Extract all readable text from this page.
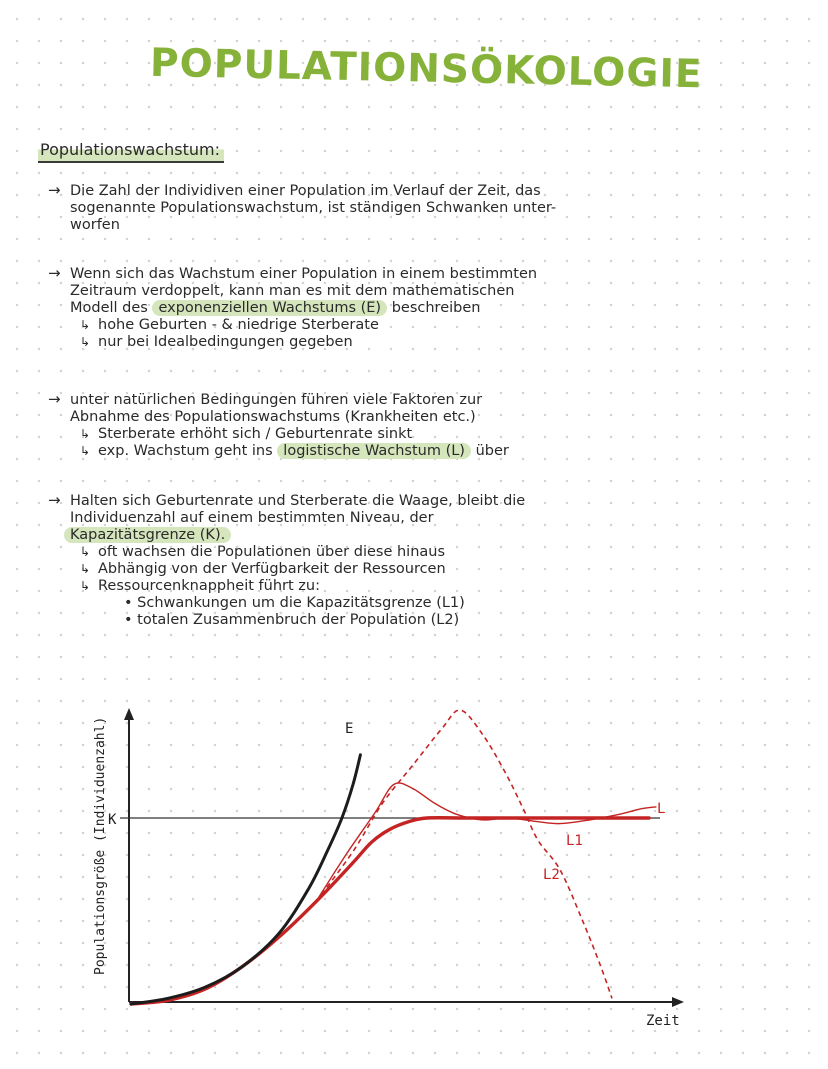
POPULATIONSÖKOLOGIE
Populationswachstum:
→ Die Zahl der Individiven einer Population im Verlauf der Zeit, das
sogenannte Populationswachstum, ist ständigen Schwanken unter-
worfen
→ Wenn sich das Wachstum einer Population in einem bestimmten
Zeitraum verdoppelt, kann man es mit dem mathematischen
Modell des exponenziellen Wachstums (E) beschreiben
↳ hohe Geburten - & niedrige Sterberate
↳ nur bei Idealbedingungen gegeben
→ unter natürlichen Bedingungen führen viele Faktoren zur
Abnahme des Populationswachstums (Krankheiten etc.)
↳ Sterberate erhöht sich / Geburtenrate sinkt
↳ exp. Wachstum geht ins logistische Wachstum (L) über
→ Halten sich Geburtenrate und Sterberate die Waage, bleibt die
Individuenzahl auf einem bestimmten Niveau, der
Kapazitätsgrenze (K).
↳ oft wachsen die Populationen über diese hinaus
↳ Abhängig von der Verfügbarkeit der Ressourcen
↳ Ressourcenknappheit führt zu:
• Schwankungen um die Kapazitätsgrenze (L1)
• totalen Zusammenbruch der Population (L2)
K
Zeit
Populationsgröße (Individuenzahl)	E
L
L1
L2
